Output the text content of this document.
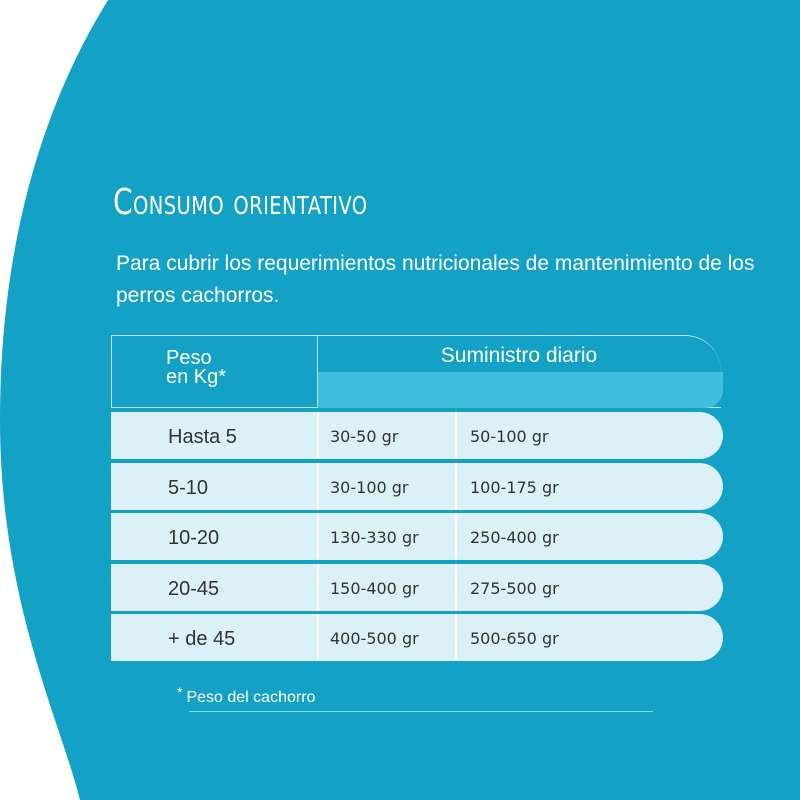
Consumo orientativo
Para cubrir los requerimientos nutricionales de mantenimiento de los perros cachorros.
Peso
en Kg*
Suministro diario
Hasta 5	30-50 gr	50-100 gr
5-10	30-100 gr	100-175 gr
10-20	130-330 gr	250-400 gr
20-45	150-400 gr	275-500 gr
+ de 45	400-500 gr	500-650 gr
* Peso del cachorro
